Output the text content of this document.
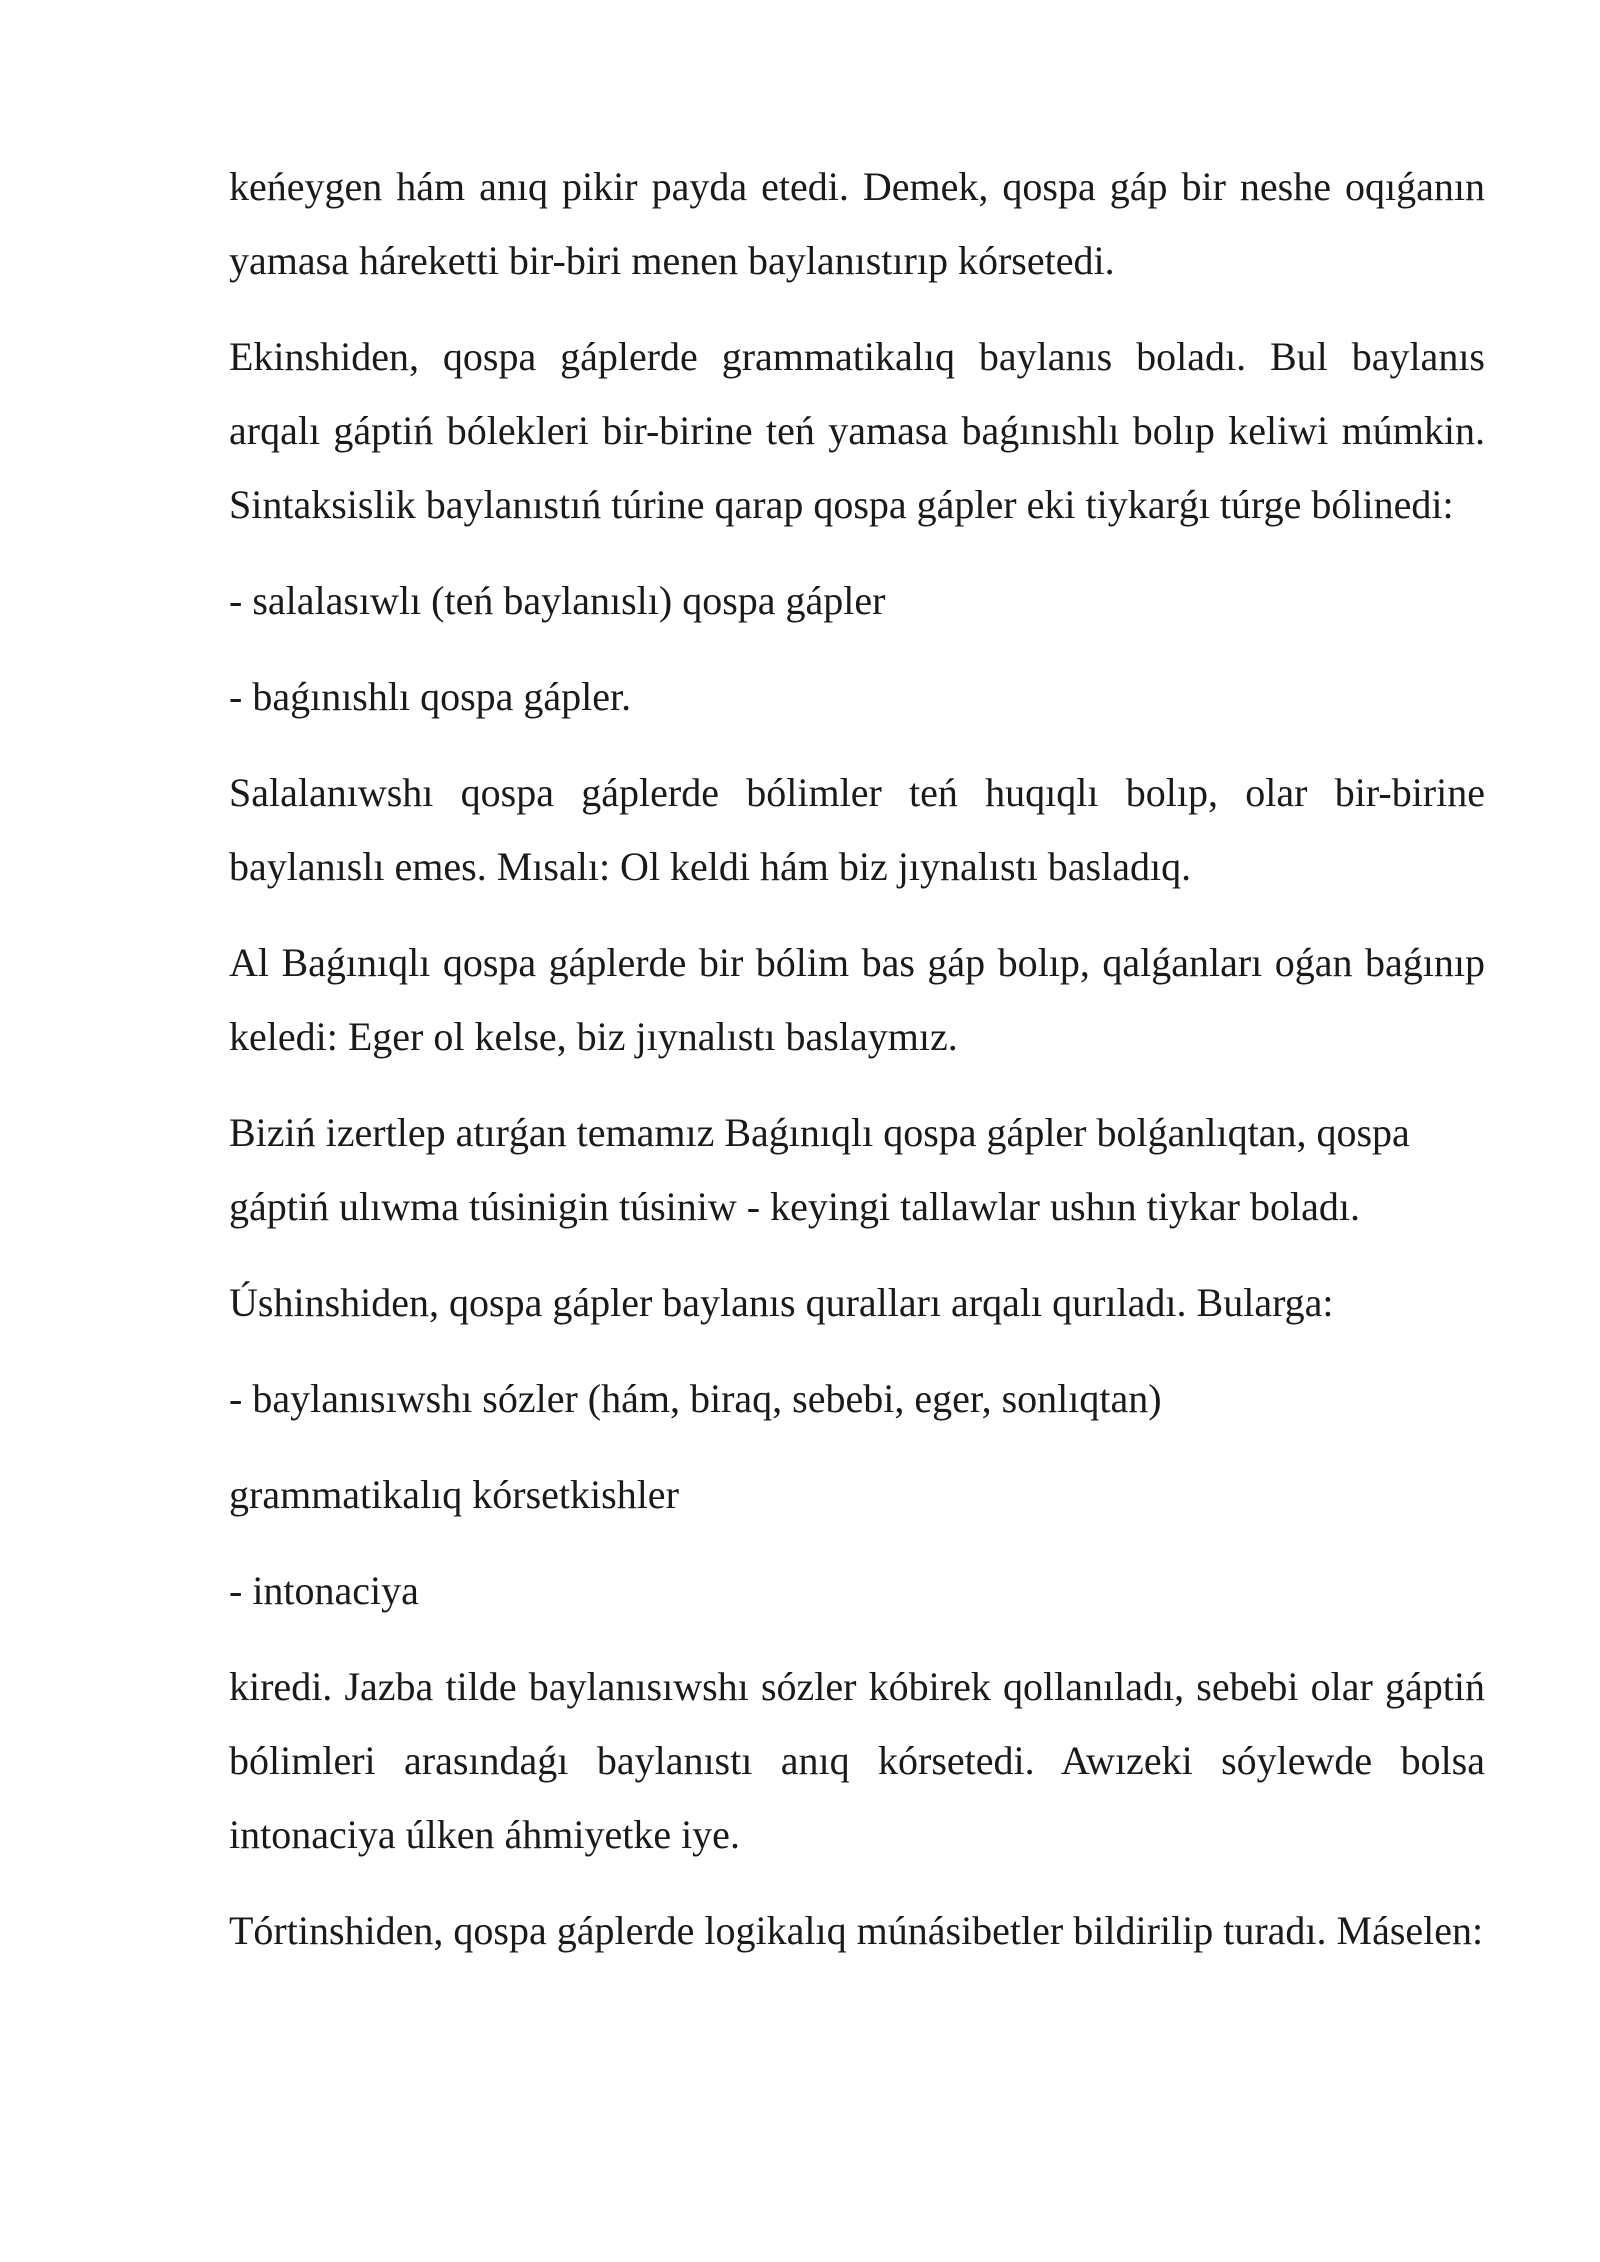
keńeygen hám anıq pikir payda etedi. Demek, qospa gáp bir neshe oqıǵanın yamasa háreketti bir-biri menen baylanıstırıp kórsetedi.

Ekinshiden, qospa gáplerde grammatikalıq baylanıs boladı. Bul baylanıs arqalı gáptiń bólekleri bir-birine teń yamasa baǵınıshlı bolıp keliwi múmkin. Sintaksislik baylanıstıń túrine qarap qospa gápler eki tiykarǵı túrge bólinedi:

- salalasıwlı (teń baylanıslı) qospa gápler

- baǵınıshlı qospa gápler.

Salalanıwshı qospa gáplerde bólimler teń huqıqlı bolıp, olar bir-birine baylanıslı emes. Mısalı: Ol keldi hám biz jıynalıstı basladıq.

Al Baǵınıqlı qospa gáplerde bir bólim bas gáp bolıp, qalǵanları oǵan baǵınıp keledi: Eger ol kelse, biz jıynalıstı baslaymız.

Biziń izertlep atırǵan temamız Baǵınıqlı qospa gápler bolǵanlıqtan, qospa gáptiń ulıwma túsinigin túsiniw - keyingi tallawlar ushın tiykar boladı.

Úshinshiden, qospa gápler baylanıs quralları arqalı qurıladı. Bularga:

- baylanısıwshı sózler (hám, biraq, sebebi, eger, sonlıqtan)

grammatikalıq kórsetkishler

- intonaciya

kiredi. Jazba tilde baylanısıwshı sózler kóbirek qollanıladı, sebebi olar gáptiń bólimleri arasındaǵı baylanıstı anıq kórsetedi. Awızeki sóylewde bolsa intonaciya úlken áhmiyetke iye.

Tórtinshiden, qospa gáplerde logikalıq múnásibetler bildirilip turadı. Máselen:
